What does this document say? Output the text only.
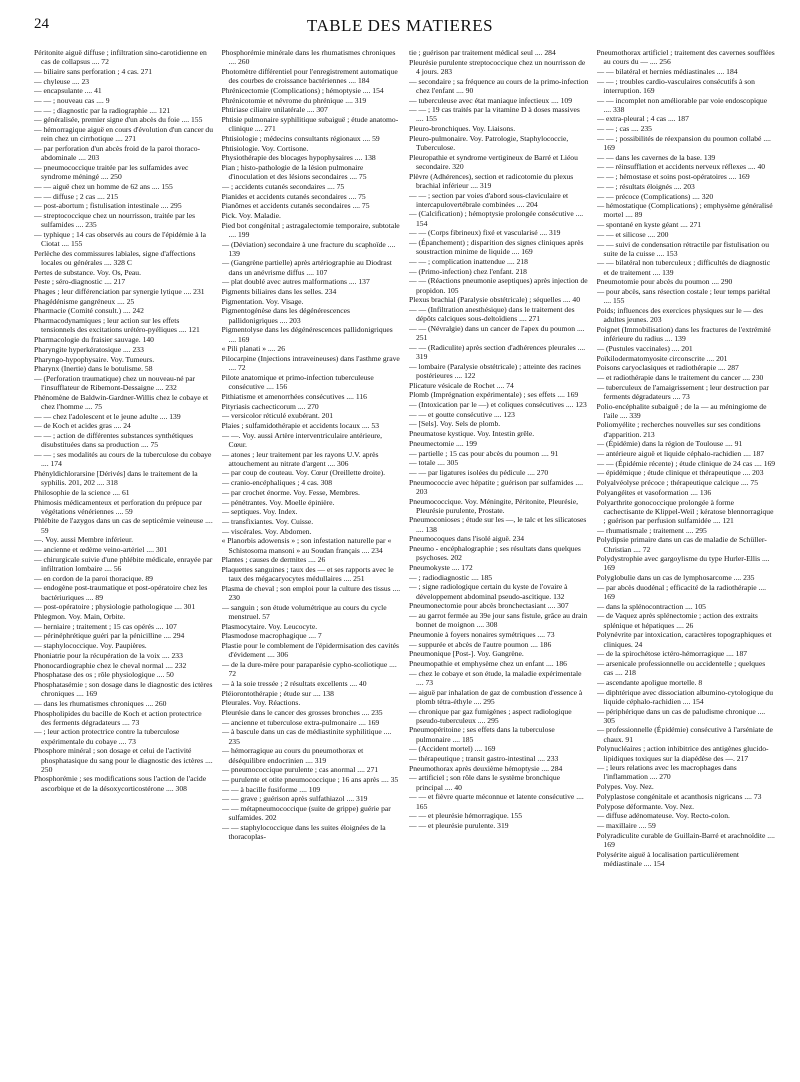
24	TABLE DES MATIERES
Péritonite aiguë diffuse ; infiltration sino-carotidienne en cas de collapsus .... 72
— biliaire sans perforation ; 4 cas. 271
— chyleuse .... 23
— encapsulante .... 41
— — ; nouveau cas .... 9
— — ; diagnostic par la radiographie .... 121
— généralisée, premier signe d'un abcès du foie .... 155
— hémorragique aiguë en cours d'évolution d'un cancer du rein chez un cirrhotique .... 271
— par perforation d'un abcès froid de la paroi thoraco-abdominale .... 203
— pneumococcique traitée par les sulfamides avec syndrome méningé .... 250
— — aiguë chez un homme de 62 ans .... 155
— — diffuse ; 2 cas .... 215
— post-abortum ; fistulisation intestinale .... 295
— streptococcique chez un nourrisson, traitée par les sulfamides .... 235
— typhique ; 14 cas observés au cours de l'épidémie à la Ciotat .... 155
Perlèche des commissures labiales, signe d'affections locales ou générales .... 328 C
Pertes de substance. Voy. Os, Peau.
Peste ; séro-diagnostic .... 217
Phages ; leur différenciation par synergie lytique .... 231
Phagédénisme gangréneux .... 25
Pharmacie (Comité consult.) .... 242
Pharmacodynamiques ; leur action sur les effets tensionnels des excitations urétéro-pyéliques .... 121
Pharmacologie du fraisier sauvage. 140
Pharyngite hyperkératosique .... 233
Pharyngo-hypophysaire. Voy. Tumeurs.
Pharynx (Inertie) dans le botulisme. 58
— (Perforation traumatique) chez un nouveau-né par l'insufflateur de Ribemont-Dessaigne .... 232
Phénomène de Baldwin-Gardner-Willis chez le cobaye et chez l'homme .... 75
— — chez l'adolescent et le jeune adulte .... 139
— de Koch et acides gras .... 24
— — ; action de différentes substances synthétiques disubstituées dans sa production .... 75
— — ; ses modalités au cours de la tuberculose du cobaye .... 174
Phényldichlorarsine [Dérivés] dans le traitement de la syphilis. 201, 202 .... 318
Philosophie de la science .... 61
Phimosis médicamenteux et perforation du prépuce par végétations vénériennes .... 59
Phlébite de l'azygos dans un cas de septicémie veineuse .... 59
—. Voy. aussi Membre inférieur.
— ancienne et œdème veino-artériel .... 301
— chirurgicale suivie d'une phlébite médicale, enrayée par infiltration lombaire .... 56
— en cordon de la paroi thoracique. 89
— endogène post-traumatique et post-opératoire chez les bactériuriques .... 89
— post-opératoire ; physiologie pathologique .... 301
Phlegmon. Voy. Main, Orbite.
— herniaire ; traitement ; 15 cas opérés .... 107
— périnéphrétique guéri par la pénicilline .... 294
— staphylococcique. Voy. Paupières.
Phoniatrie pour la récupération de la voix .... 233
Phonocardiographie chez le cheval normal .... 232
Phosphatase des os ; rôle physiologique .... 50
Phosphatasémie ; son dosage dans le diagnostic des ictères chroniques .... 169
— dans les rhumatismes chroniques .... 260
Phospholipides du bacille de Koch et action protectrice des ferments dégradateurs .... 73
— ; leur action protectrice contre la tuberculose expérimentale du cobaye .... 73
Phosphore minéral ; son dosage et celui de l'activité phosphatasique du sang pour le diagnostic des ictères .... 250
Phosphorémie ; ses modifications sous l'action de l'acide ascorbique et de la désoxycorticostérone .... 308
Phosphorémie minérale dans les rhumatismes chroniques .... 260
Photomètre différentiel pour l'enregistrement automatique des courbes de croissance bactériennes .... 184
Phrénicectomie (Complications) ; hémoptysie .... 154
Phrénicotomie et névrome du phrénique .... 319
Phtiriase ciliaire unilatérale .... 307
Phtisie pulmonaire syphilitique subaiguë ; étude anatomo-clinique .... 271
Phtisiologie ; médecins consultants régionaux .... 59
Phtisiologie. Voy. Cortisone.
Physiothérapie des blocages hypophysaires .... 138
Pian ; histo-pathologie de la lésion pulmonaire d'inoculation et des lésions secondaires .... 75
— ; accidents cutanés secondaires .... 75
Pianides et accidents cutanés secondaires .... 75
Pianômes et accidents cutanés secondaires .... 75
Pick. Voy. Maladie.
Pied bot congénital ; astragalectomie temporaire, subtotale .... 199
— (Déviation) secondaire à une fracture du scaphoïde .... 139
— (Gangrène partielle) après artériographie au Diodrast dans un anévrisme diffus .... 107
— plat doublé avec autres malformations .... 137
Pigments biliaires dans les selles. 234
Pigmentation. Voy. Visage.
Pigmentogénèse dans les dégénérescences pallidonigriques .... 203
Pigmentolyse dans les dégénérescences pallidonigriques .... 169
« Pili planati » .... 26
Pilocarpine (Injections intraveineuses) dans l'asthme grave .... 72
Pilote anatomique et primo-infection tuberculeuse consécutive .... 156
Pithiatisme et amenorrhées consécutives .... 116
Pityriasis cachecticorum .... 270
— versicolor réticulé exubérant. 201
Plaies ; sulfamidothérapie et accidents locaux .... 53
— —. Voy. aussi Artère interventriculaire antérieure, Cœur.
— atones ; leur traitement par les rayons U.V. après attouchement au nitrate d'argent .... 306
— par coup de couteau. Voy. Cœur (Oreillette droite).
— cranio-encéphaliques ; 4 cas. 308
— par crochet énorme. Voy. Fesse, Membres.
— pénétrantes. Voy. Moelle épinière.
— septiques. Voy. Index.
— transfixiantes. Voy. Cuisse.
— viscérales. Voy. Abdomen.
« Planorbis adowensis » ; son infestation naturelle par « Schistosoma mansoni » au Soudan français .... 234
Plantes ; causes de dermites .... 26
Plaquettes sanguines ; taux des — et ses rapports avec le taux des mégacaryocytes médullaires .... 251
Plasma de cheval ; son emploi pour la culture des tissus .... 230
— sanguin ; son étude volumétrique au cours du cycle menstruel. 57
Plasmocytaire. Voy. Leucocyte.
Plasmodose macrophagique .... 7
Plastie pour le comblement de l'épidermisation des cavités d'évidement .... 306
— de la dure-mère pour paraparésie cypho-scoliotique .... 72
— à la soie tressée ; 2 résultats excellents .... 40
Pléiorontothérapie ; étude sur .... 138
Pleurales. Voy. Réactions.
Pleurésie dans le cancer des grosses bronches .... 235
— ancienne et tuberculose extra-pulmonaire .... 169
— à bascule dans un cas de médiastinite syphilitique .... 235
— hémorragique au cours du pneumothorax et déséquilibre endocrinien .... 319
— pneumococcique purulente ; cas anormal .... 271
— purulente et otite pneumococcique ; 16 ans après .... 35
— — à bacille fusiforme .... 109
— — grave ; guérison après sulfathiazol .... 319
— — métapneumococcique (suite de grippe) guérie par sulfamides. 202
— — staphylococcique dans les suites éloignées de la thoracoplas-
tie ; guérison par traitement médical seul .... 284
Pleurésie purulente streptococcique chez un nourrisson de 4 jours. 283
— secondaire ; sa fréquence au cours de la primo-infection chez l'enfant .... 90
— tuberculeuse avec état maniaque infectieux .... 109
— — ; 19 cas traités par la vitamine D à doses massives .... 155
Pleuro-bronchiques. Voy. Liaisons.
Pleuro-pulmonaire. Voy. Patrologie, Staphylococcie, Tuberculose.
Pleuropathie et syndrome vertigineux de Barré et Liéou secondaire. 320
Plèvre (Adhérences), section et radicotomie du plexus brachial inférieur .... 319
— — ; section par voies d'abord sous-claviculaire et intercapulovertébrale combinées .... 204
— (Calcification) ; hémoptysie prolongée consécutive .... 154
— — (Corps fibrineux) fixé et vascularisé .... 319
— (Épanchement) ; disparition des signes cliniques après soustraction minime de liquide .... 169
— — ; complication inattendue .... 218
— (Primo-infection) chez l'enfant. 218
— — (Réactions pneumonie aseptiques) après injection de propidon. 105
Plexus brachial (Paralysie obstétricale) ; séquelles .... 40
— — (Infiltration anesthésique) dans le traitement des dépôts calciques sous-deltoïdiens .... 271
— — (Névralgie) dans un cancer de l'apex du poumon .... 251
— — (Radiculite) après section d'adhérences pleurales .... 319
— lombaire (Paralysie obstétricale) ; atteinte des racines postérieures .... 122
Plicature vésicale de Rochet .... 74
Plomb (Imprégnation expérimentale) ; ses effets .... 169
— (Intoxication par le —) et coliques consécutives .... 123
— — et goutte consécutive .... 123
— [Sels]. Voy. Sels de plomb.
Pneumatose kystique. Voy. Intestin grêle.
Pneumectomie .... 199
— partielle ; 15 cas pour abcès du poumon .... 91
— totale .... 305
— — par ligatures isolées du pédicule .... 270
Pneumococcie avec hépatite ; guérison par sulfamides .... 203
Pneumococcique. Voy. Méningite, Péritonite, Pleurésie, Pleurésie purulente, Prostate.
Pneumoconioses ; étude sur les —, le talc et les silicatoses .... 138
Pneumocoques dans l'isolé aiguë. 234
Pneumo - encéphalographie ; ses résultats dans quelques psychoses. 202
Pneumokyste .... 172
— ; radiodiagnostic .... 185
— ; signe radiologique certain du kyste de l'ovaire à développement abdominal pseudo-ascitique. 132
Pneumonectomie pour abcès bronchectasiant .... 307
— au garrot fermée au 39e jour sans fistule, grâce au drain bonnet de moignon .... 308
Pneumonie à foyers nonaires symétriques .... 73
— suppurée et abcès de l'autre poumon .... 186
Pneumonique [Post-]. Voy. Gangrène.
Pneumopathie et emphysème chez un enfant .... 186
— chez le cobaye et son étude, la maladie expérimentale .... 73
— aiguë par inhalation de gaz de combustion d'essence à plomb tétra-éthyle .... 295
— chronique par gaz fumigènes ; aspect radiologique pseudo-tuberculeux .... 295
Pneumopéritoine ; ses effets dans la tuberculose pulmonaire .... 185
— (Accident mortel) .... 169
— thérapeutique ; transit gastro-intestinal .... 233
Pneumothorax après deuxième hémoptysie .... 284
— artificiel ; son rôle dans le système bronchique principal .... 40
— — et fièvre quarte méconnue et latente consécutive .... 165
— — et pleurésie hémorragique. 155
— — et pleurésie purulente. 319
Pneumothorax artificiel ; traitement des cavernes soufflées au cours du — .... 256
— — bilatéral et hernies médiastinales .... 184
— — ; troubles cardio-vasculaires consécutifs à son interruption. 169
— — incomplet non améliorable par voie endoscopique .... 338
— extra-pleural ; 4 cas .... 187
— — ; cas .... 235
— — ; possibilités de réexpansion du poumon collabé .... 169
— — dans les cavernes de la base. 139
— — réinsufflation et accidents nerveux réflexes .... 40
— — ; hémostase et soins post-opératoires .... 169
— — ; résultats éloignés .... 203
— — précoce (Complications) .... 320
— hémostatique (Complications) ; emphysème généralisé mortel .... 89
— spontané en kyste géant .... 271
— — et silicose .... 200
— — suivi de condensation rétractile par fistulisation ou suite de la cuisse .... 153
— — bilatéral non tuberculeux ; difficultés de diagnostic et de traitement .... 139
Pneumotomie pour abcès du poumon .... 290
— pour abcès, sans résection costale ; leur temps pariétal .... 155
Poids; influences des exercices physiques sur le — des adultes jeunes. 203
Poignet (Immobilisation) dans les fractures de l'extrémité inférieure du radius .... 139
— (Pustules vaccinales) .... 201
Poïkilodermatomyosite circonscrite .... 201
Poisons caryoclasiques et radiothérapie .... 287
— et radiothérapie dans le traitement du cancer .... 230
— tuberculeux de l'amaigrissement ; leur destruction par ferments dégradateurs .... 73
Polio-encéphalite subaiguë ; de la — au méningiome de l'aile .... 339
Poliomyélite ; recherches nouvelles sur ses conditions d'apparition. 213
— (Épidémie) dans la région de Toulouse .... 91
— antérieure aiguë et liquide céphalo-rachidien .... 187
— — (Épidémie récente) ; étude clinique de 24 cas .... 169
— épidémique ; étude clinique et thérapeutique .... 203
Polyalvéolyse précoce ; thérapeutique calcique .... 75
Polyangéites et vasoformation .... 136
Polyarthrite gonococcique prolongée à forme cachectisante de Klippel-Weil ; kératose blennorragique ; guérison par perfusion sulfamidée .... 121
— rhumatismale ; traitement .... 295
Polydipsie primaire dans un cas de maladie de Schüller-Christian .... 72
Polydystrophie avec gargoylisme du type Hurler-Ellis .... 169
Polyglobulie dans un cas de lymphosarcome .... 235
— par abcès duodénal ; efficacité de la radiothérapie .... 169
— dans la splénocontraction .... 105
— de Vaquez après splénectomie ; action des extraits splénique et hépatiques .... 26
Polynévrite par intoxication, caractères topographiques et cliniques. 24
— de la spirochétose ictéro-hémorragique .... 187
— arsenicale professionnelle ou accidentelle ; quelques cas .... 218
— ascendante apoligue mortelle. 8
— diphtérique avec dissociation albumino-cytologique du liquide céphalo-rachidien .... 154
— périphérique dans un cas de paludisme chronique .... 305
— professionnelle (Épidémie) consécutive à l'arséniate de chaux. 91
Polynucléaires ; action inhibitrice des antigènes glucido-lipidiques toxiques sur la diapédèse des —. 217
— ; leurs relations avec les macrophages dans l'inflammation .... 270
Polypes. Voy. Nez.
Polyplastose congénitale et acanthosis nigricans .... 73
Polypose déformante. Voy. Nez.
— diffuse adénomateuse. Voy. Recto-colon.
— maxillaire .... 59
Polyradiculite curable de Guillain-Barré et arachnoïdite .... 169
Polysérite aiguë à localisation particulièrement médiastinale .... 154
